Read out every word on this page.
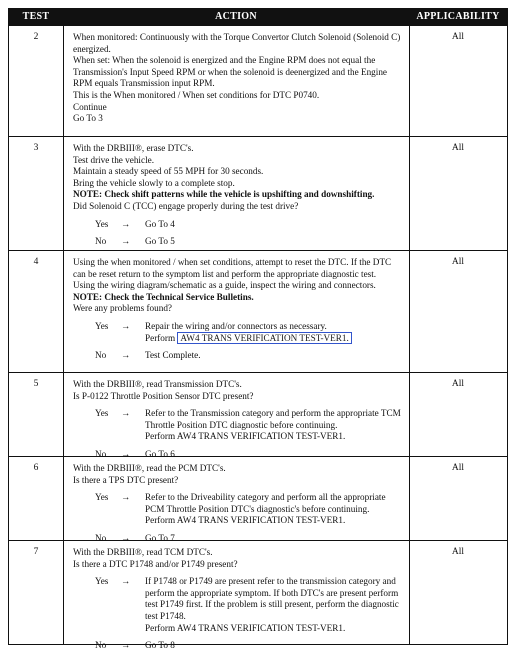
TEST	ACTION	APPLICABILITY
2	When monitored: Continuously with the Torque Convertor Clutch Solenoid (Solenoid C) energized.

When set: When the solenoid is energized and the Engine RPM does not equal the Transmission's Input Speed RPM or when the solenoid is deenergized and the Engine RPM equals Transmission input RPM.

This is the When monitored / When set conditions for DTC P0740.

Continue

Go To 3

All
3	With the DRBIII®, erase DTC's.

Test drive the vehicle.

Maintain a steady speed of 55 MPH for 30 seconds.

Bring the vehicle slowly to a complete stop.

NOTE: Check shift patterns while the vehicle is upshifting and downshifting.

Did Solenoid C (TCC) engage properly during the test drive?

Yes → Go To 4
No → Go To 5
All
4	Using the when monitored / when set conditions, attempt to reset the DTC. If the DTC can be reset return to the symptom list and perform the appropriate diagnostic test.

Using the wiring diagram/schematic as a guide, inspect the wiring and connectors.

NOTE: Check the Technical Service Bulletins.

Were any problems found?

Yes → Repair the wiring and/or connectors as necessary.
Perform AW4 TRANS VERIFICATION TEST-VER1.
No → Test Complete.
All
5	With the DRBIII®, read Transmission DTC's.

Is P-0122 Throttle Position Sensor DTC present?

Yes → Refer to the Transmission category and perform the appropriate TCM Throttle Position DTC diagnostic before continuing.
Perform AW4 TRANS VERIFICATION TEST-VER1.
No → Go To 6
All
6	With the DRBIII®, read the PCM DTC's.

Is there a TPS DTC present?

Yes → Refer to the Driveability category and perform all the appropriate PCM Throttle Position DTC's diagnostic's before continuing.
Perform AW4 TRANS VERIFICATION TEST-VER1.
No → Go To 7
All
7	With the DRBIII®, read TCM DTC's.

Is there a DTC P1748 and/or P1749 present?

Yes → If P1748 or P1749 are present refer to the transmission category and perform the appropriate symptom. If both DTC's are present perform test P1749 first. If the problem is still present, perform the diagnostic test P1748.
Perform AW4 TRANS VERIFICATION TEST-VER1.
No → Go To 8
All
